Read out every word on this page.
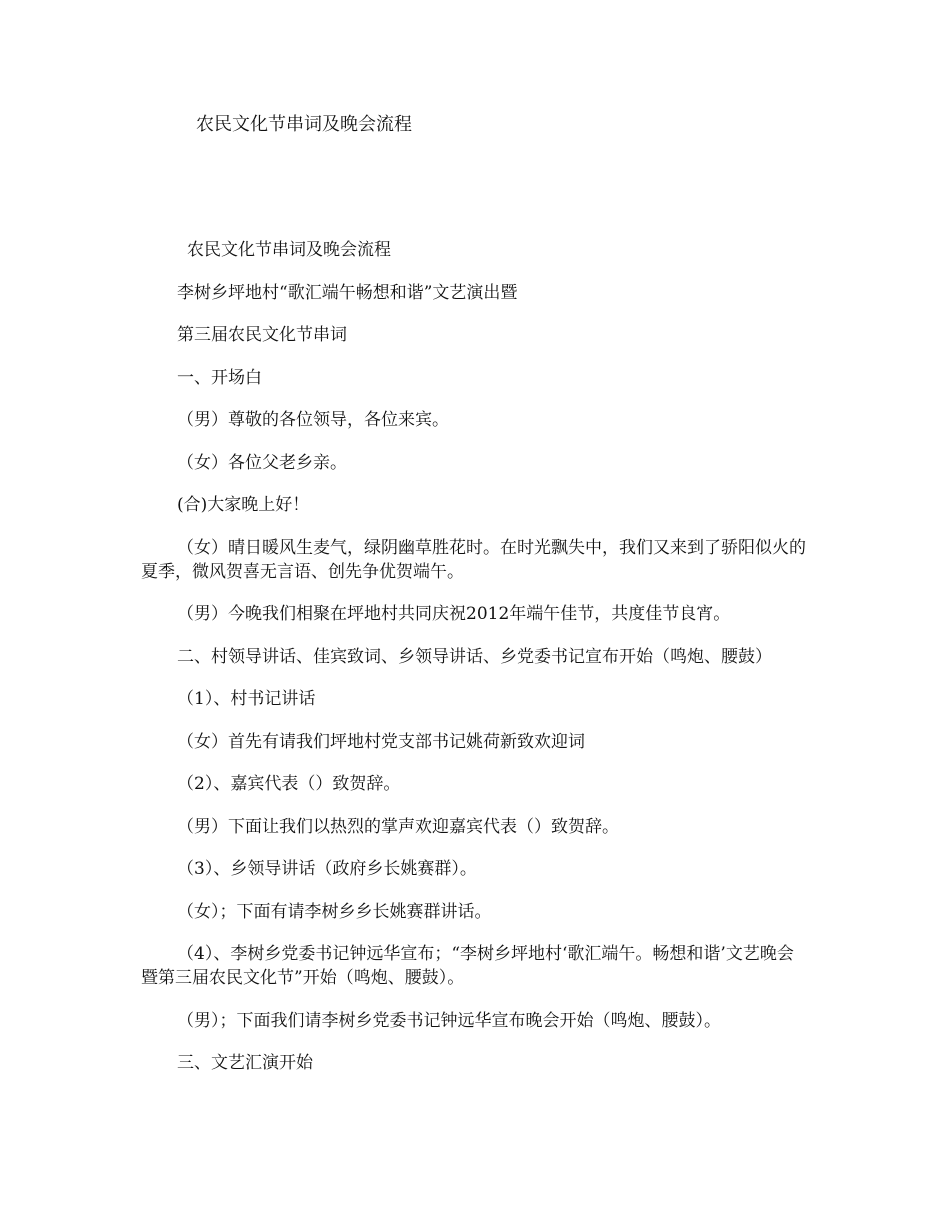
农民文化节串词及晚会流程

农民文化节串词及晚会流程

李树乡坪地村“歌汇端午畅想和谐”文艺演出暨

第三届农民文化节串词

一、开场白

（男）尊敬的各位领导，各位来宾。

（女）各位父老乡亲。

(合)大家晚上好！

（女）晴日暖风生麦气，绿阴幽草胜花时。在时光飘失中，我们又来到了骄阳似火的夏季，微风贺喜无言语、创先争优贺端午。

（男）今晚我们相聚在坪地村共同庆祝2012年端午佳节，共度佳节良宵。

二、村领导讲话、佳宾致词、乡领导讲话、乡党委书记宣布开始（鸣炮、腰鼓）

（1）、村书记讲话

（女）首先有请我们坪地村党支部书记姚荷新致欢迎词

（2）、嘉宾代表（）致贺辞。

（男）下面让我们以热烈的掌声欢迎嘉宾代表（）致贺辞。

（3）、乡领导讲话（政府乡长姚赛群）。

（女）；下面有请李树乡乡长姚赛群讲话。

（4）、李树乡党委书记钟远华宣布；“李树乡坪地村‘歌汇端午。畅想和谐’文艺晚会暨第三届农民文化节”开始（鸣炮、腰鼓）。

（男）；下面我们请李树乡党委书记钟远华宣布晚会开始（鸣炮、腰鼓）。

三、文艺汇演开始
